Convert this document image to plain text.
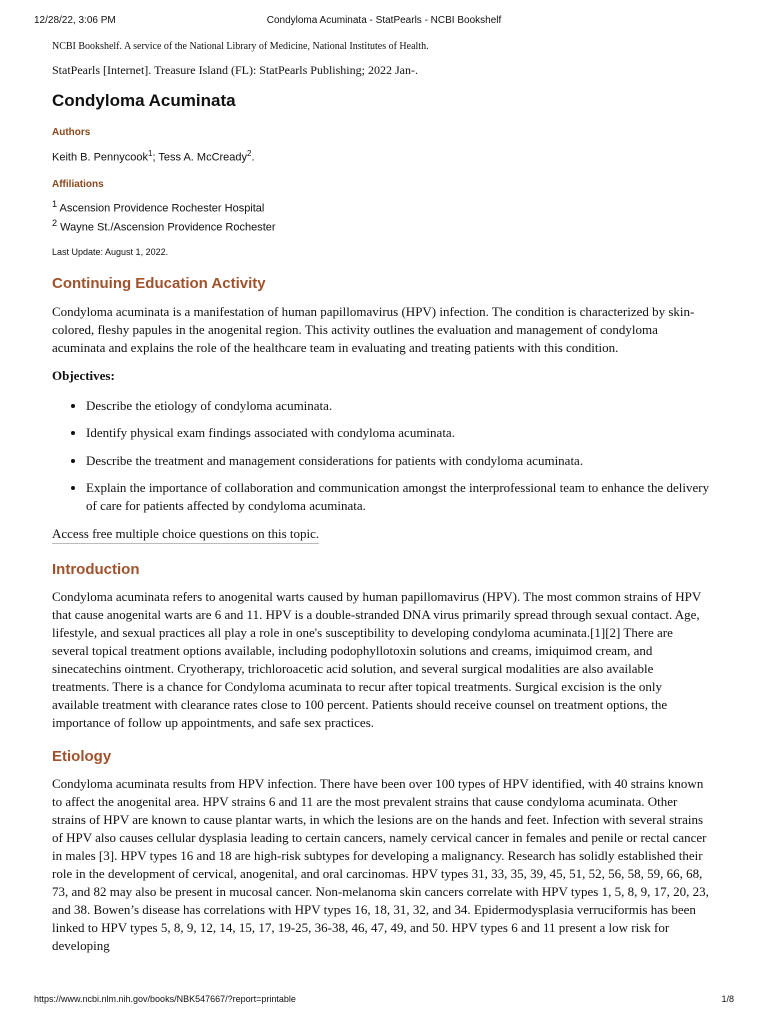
12/28/22, 3:06 PM	Condyloma Acuminata - StatPearls - NCBI Bookshelf

NCBI Bookshelf. A service of the National Library of Medicine, National Institutes of Health.

StatPearls [Internet]. Treasure Island (FL): StatPearls Publishing; 2022 Jan-.

Condyloma Acuminata

Authors

Keith B. Pennycook$^1$; Tess A. McCready$^2$.

Affiliations

$^1$ Ascension Providence Rochester Hospital

$^2$ Wayne St./Ascension Providence Rochester

Last Update: August 1, 2022.

Continuing Education Activity

Condyloma acuminata is a manifestation of human papillomavirus (HPV) infection. The condition is characterized by skin-colored, fleshy papules in the anogenital region. This activity outlines the evaluation and management of condyloma acuminata and explains the role of the healthcare team in evaluating and treating patients with this condition.

Objectives:

• Describe the etiology of condyloma acuminata.
• Identify physical exam findings associated with condyloma acuminata.
• Describe the treatment and management considerations for patients with condyloma acuminata.
• Explain the importance of collaboration and communication amongst the interprofessional team to enhance the delivery of care for patients affected by condyloma acuminata.

Access free multiple choice questions on this topic.

Introduction

Condyloma acuminata refers to anogenital warts caused by human papillomavirus (HPV). The most common strains of HPV that cause anogenital warts are 6 and 11. HPV is a double-stranded DNA virus primarily spread through sexual contact. Age, lifestyle, and sexual practices all play a role in one's susceptibility to developing condyloma acuminata.[1][2] There are several topical treatment options available, including podophyllotoxin solutions and creams, imiquimod cream, and sinecatechins ointment. Cryotherapy, trichloroacetic acid solution, and several surgical modalities are also available treatments. There is a chance for Condyloma acuminata to recur after topical treatments. Surgical excision is the only available treatment with clearance rates close to 100 percent. Patients should receive counsel on treatment options, the importance of follow up appointments, and safe sex practices.

Etiology

Condyloma acuminata results from HPV infection. There have been over 100 types of HPV identified, with 40 strains known to affect the anogenital area. HPV strains 6 and 11 are the most prevalent strains that cause condyloma acuminata. Other strains of HPV are known to cause plantar warts, in which the lesions are on the hands and feet. Infection with several strains of HPV also causes cellular dysplasia leading to certain cancers, namely cervical cancer in females and penile or rectal cancer in males [3]. HPV types 16 and 18 are high-risk subtypes for developing a malignancy. Research has solidly established their role in the development of cervical, anogenital, and oral carcinomas. HPV types 31, 33, 35, 39, 45, 51, 52, 56, 58, 59, 66, 68, 73, and 82 may also be present in mucosal cancer. Non-melanoma skin cancers correlate with HPV types 1, 5, 8, 9, 17, 20, 23, and 38. Bowen’s disease has correlations with HPV types 16, 18, 31, 32, and 34. Epidermodysplasia verruciformis has been linked to HPV types 5, 8, 9, 12, 14, 15, 17, 19-25, 36-38, 46, 47, 49, and 50. HPV types 6 and 11 present a low risk for developing

https://www.ncbi.nlm.nih.gov/books/NBK547667/?report=printable	1/8
